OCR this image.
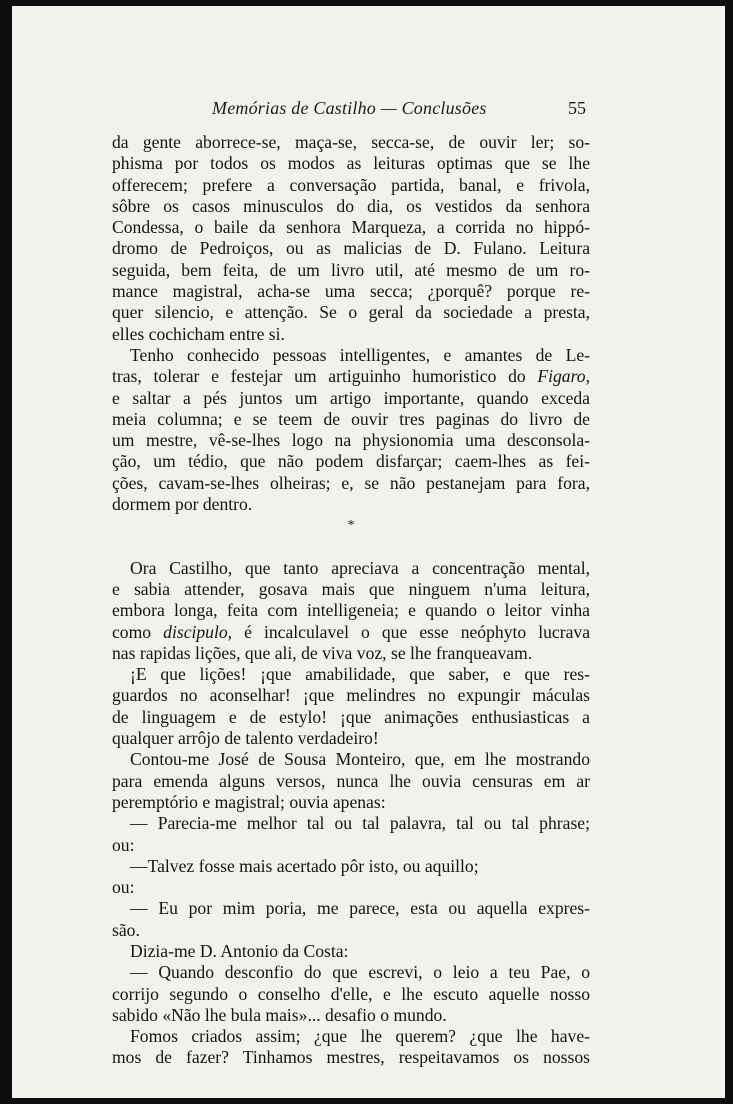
Memórias de Castilho — Conclusões	55
da gente aborrece-se, maça-se, secca-se, de ouvir ler; so-
phisma por todos os modos as leituras optimas que se lhe
offerecem; prefere a conversação partida, banal, e frivola,
sôbre os casos minusculos do dia, os vestidos da senhora
Condessa, o baile da senhora Marqueza, a corrida no hippó-
dromo de Pedroiços, ou as malicias de D. Fulano. Leitura
seguida, bem feita, de um livro util, até mesmo de um ro-
mance magistral, acha-se uma secca; ¿porquê? porque re-
quer silencio, e attenção. Se o geral da sociedade a presta,
elles cochicham entre si.
Tenho conhecido pessoas intelligentes, e amantes de Le-
tras, tolerar e festejar um artiguinho humoristico do Figaro,
e saltar a pés juntos um artigo importante, quando exceda
meia columna; e se teem de ouvir tres paginas do livro de
um mestre, vê-se-lhes logo na physionomia uma desconsola-
ção, um tédio, que não podem disfarçar; caem-lhes as fei-
ções, cavam-se-lhes olheiras; e, se não pestanejam para fora,
dormem por dentro.
*
Ora Castilho, que tanto apreciava a concentração mental,
e sabia attender, gosava mais que ninguem n'uma leitura,
embora longa, feita com intelligeneia; e quando o leitor vinha
como discipulo, é incalculavel o que esse neóphyto lucrava
nas rapidas lições, que ali, de viva voz, se lhe franqueavam.
¡E que lições! ¡que amabilidade, que saber, e que res-
guardos no aconselhar! ¡que melindres no expungir máculas
de linguagem e de estylo! ¡que animações enthusiasticas a
qualquer arrôjo de talento verdadeiro!
Contou-me José de Sousa Monteiro, que, em lhe mostrando
para emenda alguns versos, nunca lhe ouvia censuras em ar
peremptório e magistral; ouvia apenas:
— Parecia-me melhor tal ou tal palavra, tal ou tal phrase;
ou:
—Talvez fosse mais acertado pôr isto, ou aquillo;
ou:
— Eu por mim poria, me parece, esta ou aquella expres-
são.
Dizia-me D. Antonio da Costa:
— Quando desconfio do que escrevi, o leio a teu Pae, o
corrijo segundo o conselho d'elle, e lhe escuto aquelle nosso
sabido «Não lhe bula mais»... desafio o mundo.
Fomos criados assim; ¿que lhe querem? ¿que lhe have-
mos de fazer? Tinhamos mestres, respeitavamos os nossos
